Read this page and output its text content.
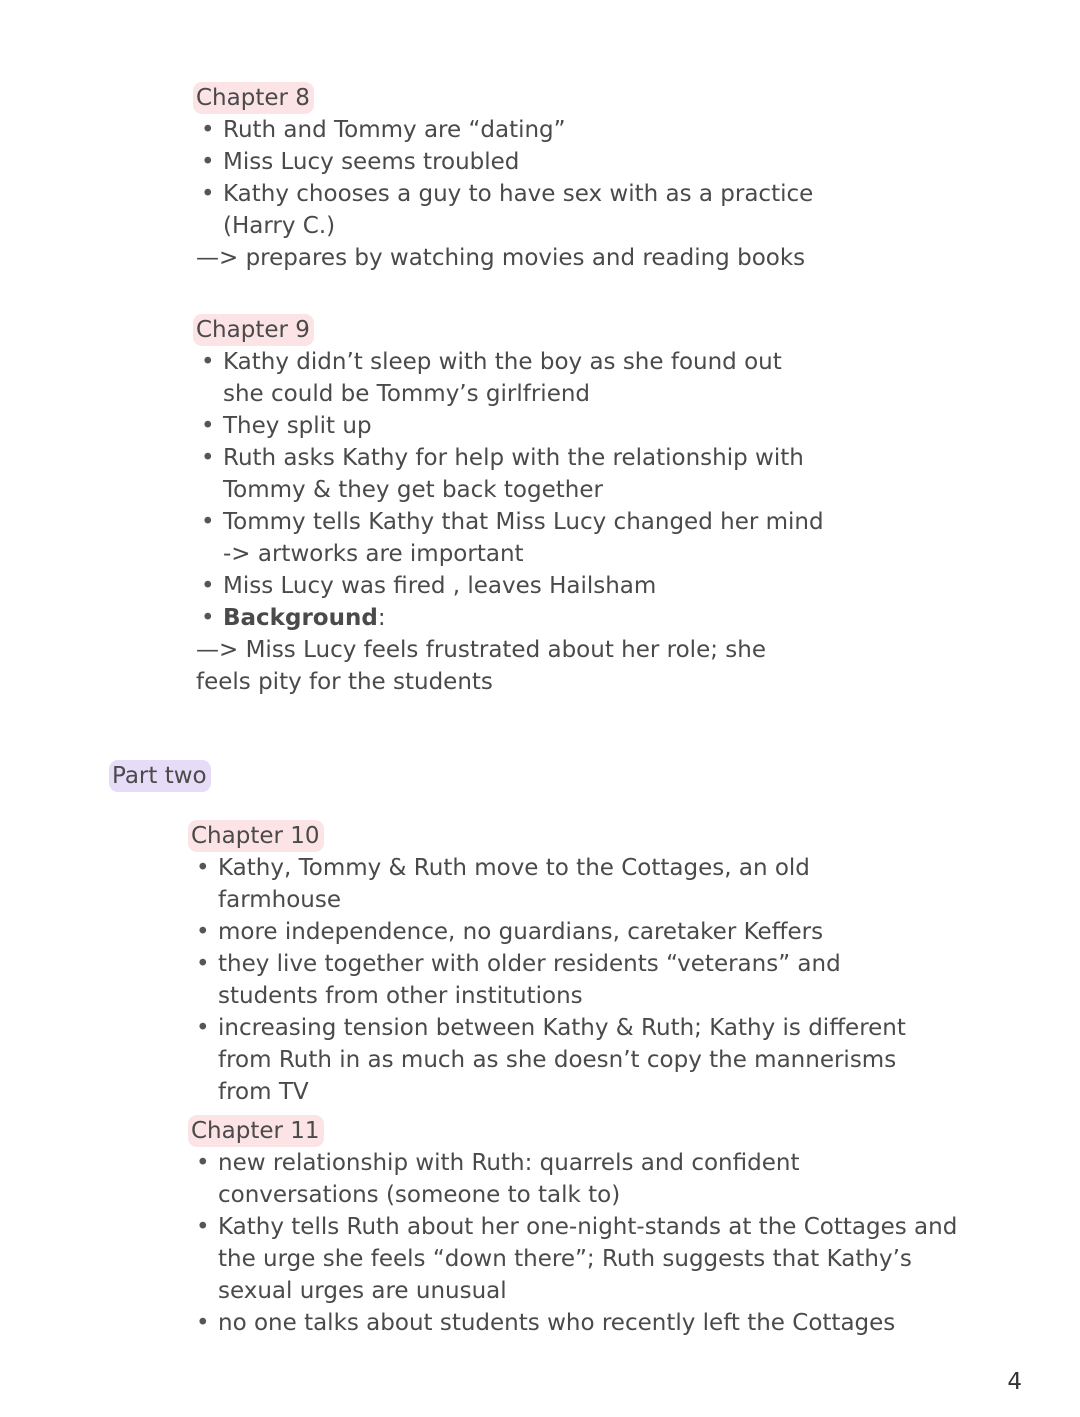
Chapter 8
• Ruth and Tommy are “dating”
• Miss Lucy seems troubled
• Kathy chooses a guy to have sex with as a practice (Harry C.)

—> prepares by watching movies and reading books

Chapter 9
• Kathy didn’t sleep with the boy as she found out she could be Tommy’s girlfriend
• They split up
• Ruth asks Kathy for help with the relationship with Tommy & they get back together
• Tommy tells Kathy that Miss Lucy changed her mind
-> artworks are important
• Miss Lucy was fired , leaves Hailsham
• Background:

—> Miss Lucy feels frustrated about her role; she feels pity for the students

Part two
Chapter 10
• Kathy, Tommy & Ruth move to the Cottages, an old farmhouse
• more independence, no guardians, caretaker Keffers
• they live together with older residents “veterans” and students from other institutions
• increasing tension between Kathy & Ruth; Kathy is different from Ruth in as much as she doesn’t copy the mannerisms from TV
Chapter 11
• new relationship with Ruth: quarrels and confident conversations (someone to talk to)
• Kathy tells Ruth about her one-night-stands at the Cottages and the urge she feels “down there”; Ruth suggests that Kathy’s sexual urges are unusual
• no one talks about students who recently left the Cottages
4
